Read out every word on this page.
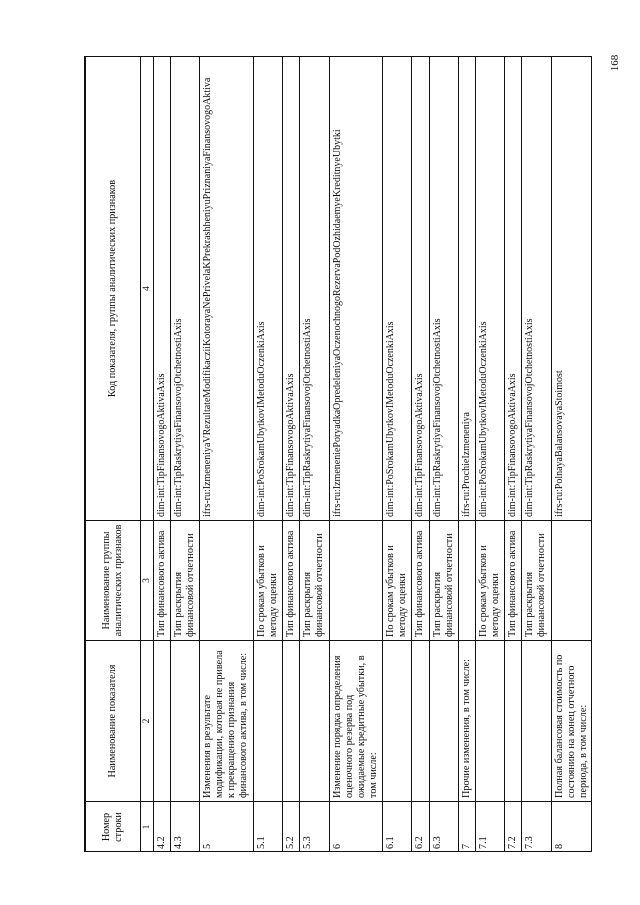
168
Номер строки	Наименование показателя	Наименование группы аналитических признаков	Код показателя, группы аналитических признаков
1	2	3	4
4.2		Тип финансового актива	dim-int:TipFinansovogoAktivaAxis
4.3		Тип раскрытия финансовой отчетности	dim-int:TipRaskrytiyaFinansovojOtchetnostiAxis
5	Изменения в результате модификации, которая не привела к прекращению признания финансового актива, в том числе:		ifrs-ru:IzmeneniyaVRezultateModifikacziiKotorayaNePrivelaKPrekrashheniyuPriznaniyaFinansovogoAktiva
5.1		По срокам убытков и методу оценки	dim-int:PoSrokamUbytkovIMetoduOczenkiAxis
5.2		Тип финансового актива	dim-int:TipFinansovogoAktivaAxis
5.3		Тип раскрытия финансовой отчетности	dim-int:TipRaskrytiyaFinansovojOtchetnostiAxis
6	Изменение порядка определения оценочного резерва под ожидаемые кредитные убытки, в том числе:		ifrs-ru:IzmeneniePoryadkaOpredeleniyaOczenochnogoRezervaPodOzhidaemyeKreditnyeUbytki
6.1		По срокам убытков и методу оценки	dim-int:PoSrokamUbytkovIMetoduOczenkiAxis
6.2		Тип финансового актива	dim-int:TipFinansovogoAktivaAxis
6.3		Тип раскрытия финансовой отчетности	dim-int:TipRaskrytiyaFinansovojOtchetnostiAxis
7	Прочие изменения, в том числе:		ifrs-ru:ProchieIzmeneniya
7.1		По срокам убытков и методу оценки	dim-int:PoSrokamUbytkovIMetoduOczenkiAxis
7.2		Тип финансового актива	dim-int:TipFinansovogoAktivaAxis
7.3		Тип раскрытия финансовой отчетности	dim-int:TipRaskrytiyaFinansovojOtchetnostiAxis
8	Полная балансовая стоимость по состоянию на конец отчетного периода, в том числе:		ifrs-ru:PolnayaBalansovayaStoimost
